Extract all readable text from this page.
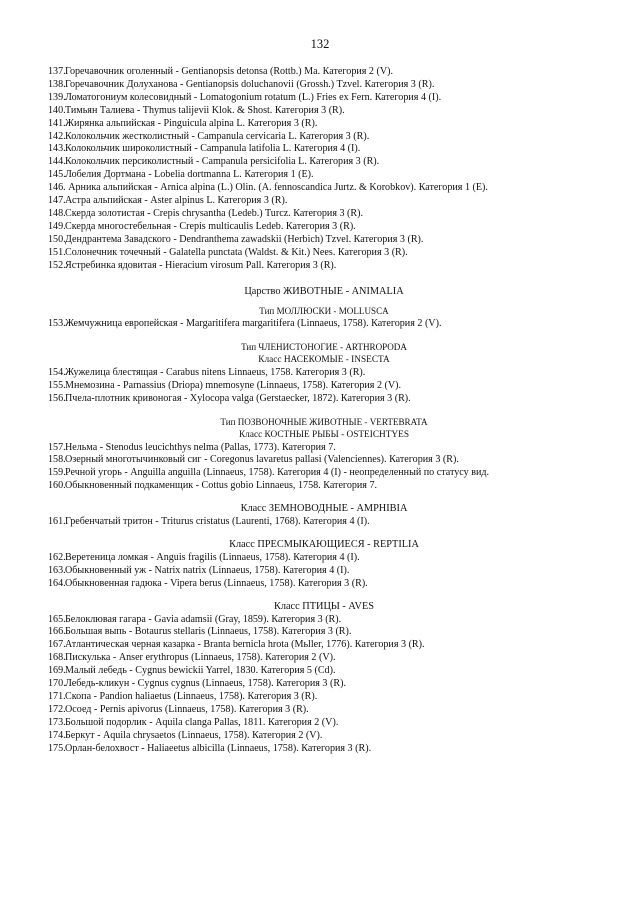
132
137. Горечавочник оголенный - Gentianopsis detonsa (Rottb.) Ma. Категория 2 (V).
138. Горечавочник Долуханова - Gentianopsis doluchanovii (Grossh.) Tzvel. Категория 3 (R).
139. Ломатогониум колесовидный - Lomatogonium rotatum (L.) Fries ex Fern. Категория 4 (I).
140. Тимьян Талиева - Thymus talijevii Klok. & Shost. Категория 3 (R).
141. Жирянка альпийская - Pinguicula alpina L. Категория 3 (R).
142. Колокольчик жестколистный - Campanula cervicaria L. Категория 3 (R).
143. Колокольчик широколистный - Campanula latifolia L. Категория 4 (I).
144. Колокольчик персиколистный - Campanula persicifolia L. Категория 3 (R).
145. Лобелия Дортмана - Lobelia dortmanna L. Категория 1 (E).
146. Арника альпийская - Arnica alpina (L.) Olin. (A. fennoscandica Jurtz. & Korobkov). Категория 1 (E).
147. Астра альпийская - Aster alpinus L. Категория 3 (R).
148. Скерда золотистая - Crepis chrysantha (Ledeb.) Turcz. Категория 3 (R).
149. Скерда многостебельная - Crepis multicaulis Ledeb. Категория 3 (R).
150. Дендрантема Завадского - Dendranthema zawadskii (Herbich) Tzvel. Категория 3 (R).
151. Солонечник точечный - Galatella punctata (Waldst. & Kit.) Nees. Категория 3 (R).
152. Ястребинка ядовитая - Hieracium virosum Pall. Категория 3 (R).
Царство ЖИВОТНЫЕ - ANIMALIA
Тип МОЛЛЮСКИ - MOLLUSCA
153. Жемчужница европейская - Margaritifera margaritifera (Linnaeus, 1758). Категория 2 (V).
Тип ЧЛЕНИСТОНОГИЕ - ARTHROPODA
Класс НАСЕКОМЫЕ - INSECTA
154. Жужелица блестящая - Carabus nitens Linnaeus, 1758. Категория 3 (R).
155. Мнемозина - Parnassius (Driopa) mnemosyne (Linnaeus, 1758). Категория 2 (V).
156. Пчела-плотник кривоногая - Xylocopa valga (Gerstaecker, 1872). Категория 3 (R).
Тип ПОЗВОНОЧНЫЕ ЖИВОТНЫЕ - VERTEBRATA
Класс КОСТНЫЕ РЫБЫ - OSTEICHTYES
157. Нельма - Stenodus leucichthys nelma (Pallas, 1773). Категория 7.
158. Озерный многотычинковый сиг - Coregonus lavaretus pallasi (Valenciennes). Категория 3 (R).
159. Речной угорь - Anguilla anguilla (Linnaeus, 1758). Категория 4 (I) - неопределенный по статусу вид.
160. Обыкновенный подкаменщик - Cottus gobio Linnaeus, 1758. Категория 7.
Класс ЗЕМНОВОДНЫЕ - AMPHIBIA
161. Гребенчатый тритон - Triturus cristatus (Laurenti, 1768). Категория 4 (I).
Класс ПРЕСМЫКАЮЩИЕСЯ - REPTILIA
162. Веретеница ломкая - Anguis fragilis (Linnaeus, 1758). Категория 4 (I).
163. Обыкновенный уж - Natrix natrix (Linnaeus, 1758). Категория 4 (I).
164. Обыкновенная гадюка - Vipera berus (Linnaeus, 1758). Категория 3 (R).
Класс ПТИЦЫ - AVES
165. Белоклювая гагара - Gavia adamsii (Gray, 1859). Категория 3 (R).
166. Большая выпь - Botaurus stellaris (Linnaeus, 1758). Категория 3 (R).
167. Атлантическая черная казарка - Branta bernicla hrota (Mьller, 1776). Категория 3 (R).
168. Пискулька - Anser erythropus (Linnaeus, 1758). Категория 2 (V).
169. Малый лебедь - Cygnus bewickii Yarrel, 1830. Категория 5 (Cd).
170. Лебедь-кликун - Cygnus cygnus (Linnaeus, 1758). Категория 3 (R).
171. Скопа - Pandion haliaetus (Linnaeus, 1758). Категория 3 (R).
172. Осоед - Pernis apivorus (Linnaeus, 1758). Категория 3 (R).
173. Большой подорлик - Aquila clanga Pallas, 1811. Категория 2 (V).
174. Беркут - Aquila chrysaetos (Linnaeus, 1758). Категория 2 (V).
175. Орлан-белохвост - Haliaeetus albicilla (Linnaeus, 1758). Категория 3 (R).
